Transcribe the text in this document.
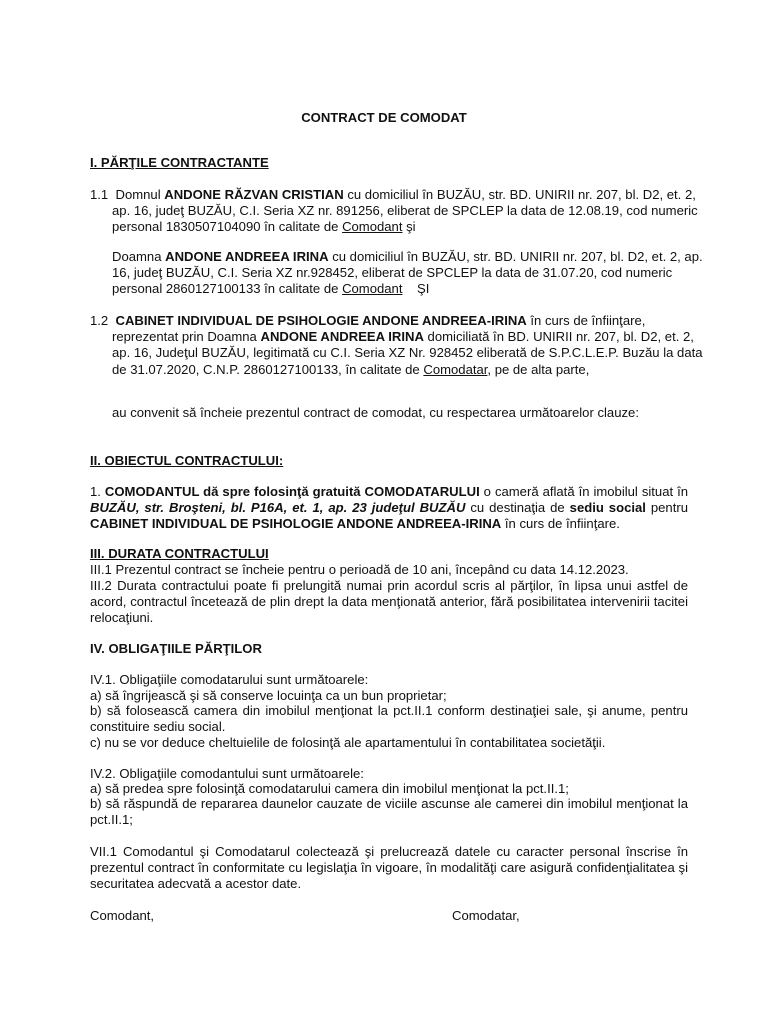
CONTRACT DE COMODAT
I. PĂRŢILE CONTRACTANTE
1.1 Domnul ANDONE RĂZVAN CRISTIAN cu domiciliul în BUZĂU, str. BD. UNIRII nr. 207, bl. D2, et. 2, ap. 16, judeţ BUZĂU, C.I. Seria XZ nr. 891256, eliberat de SPCLEP la data de 12.08.19, cod numeric personal 1830507104090 în calitate de Comodant şi
Doamna ANDONE ANDREEA IRINA cu domiciliul în BUZĂU, str. BD. UNIRII nr. 207, bl. D2, et. 2, ap. 16, judeţ BUZĂU, C.I. Seria XZ nr.928452, eliberat de SPCLEP la data de 31.07.20, cod numeric personal 2860127100133 în calitate de Comodant    ŞI
1.2 CABINET INDIVIDUAL DE PSIHOLOGIE ANDONE ANDREEA-IRINA în curs de înfiinţare, reprezentat prin Doamna ANDONE ANDREEA IRINA domiciliată în BD. UNIRII nr. 207, bl. D2, et. 2, ap. 16, Judeţul BUZĂU, legitimată cu C.I. Seria XZ Nr. 928452 eliberată de S.P.C.L.E.P. Buzău la data de 31.07.2020, C.N.P. 2860127100133, în calitate de Comodatar, pe de alta parte,
au convenit să încheie prezentul contract de comodat, cu respectarea următoarelor clauze:
II. OBIECTUL CONTRACTULUI:
1. COMODANTUL dă spre folosinţă gratuită COMODATARULUI o cameră aflată în imobilul situat în BUZĂU, str. Broşteni, bl. P16A, et. 1, ap. 23 judeţul BUZĂU cu destinaţia de sediu social pentru CABINET INDIVIDUAL DE PSIHOLOGIE ANDONE ANDREEA-IRINA în curs de înfiinţare.
III. DURATA CONTRACTULUI
III.1 Prezentul contract se încheie pentru o perioadă de 10 ani, începând cu data 14.12.2023.
III.2 Durata contractului poate fi prelungită numai prin acordul scris al părţilor, în lipsa unui astfel de acord, contractul încetează de plin drept la data menţionată anterior, fără posibilitatea intervenirii tacitei relocaţiuni.
IV. OBLIGAŢIILE PĂRŢILOR
IV.1. Obligaţiile comodatarului sunt următoarele:
a) să îngrijească şi să conserve locuinţa ca un bun proprietar;
b) să folosească camera din imobilul menţionat la pct.II.1 conform destinaţiei sale, şi anume, pentru constituire sediu social.
c) nu se vor deduce cheltuielile de folosinţă ale apartamentului în contabilitatea societăţii.
IV.2. Obligaţiile comodantului sunt următoarele:
a) să predea spre folosinţă comodatarului camera din imobilul menţionat la pct.II.1;
b) să răspundă de repararea daunelor cauzate de viciile ascunse ale camerei din imobilul menţionat la pct.II.1;
VII.1 Comodantul şi Comodatarul colectează şi prelucrează datele cu caracter personal înscrise în prezentul contract în conformitate cu legislaţia în vigoare, în modalităţi care asigură confidenţialitatea şi securitatea adecvată a acestor date.
Comodant,	Comodatar,
